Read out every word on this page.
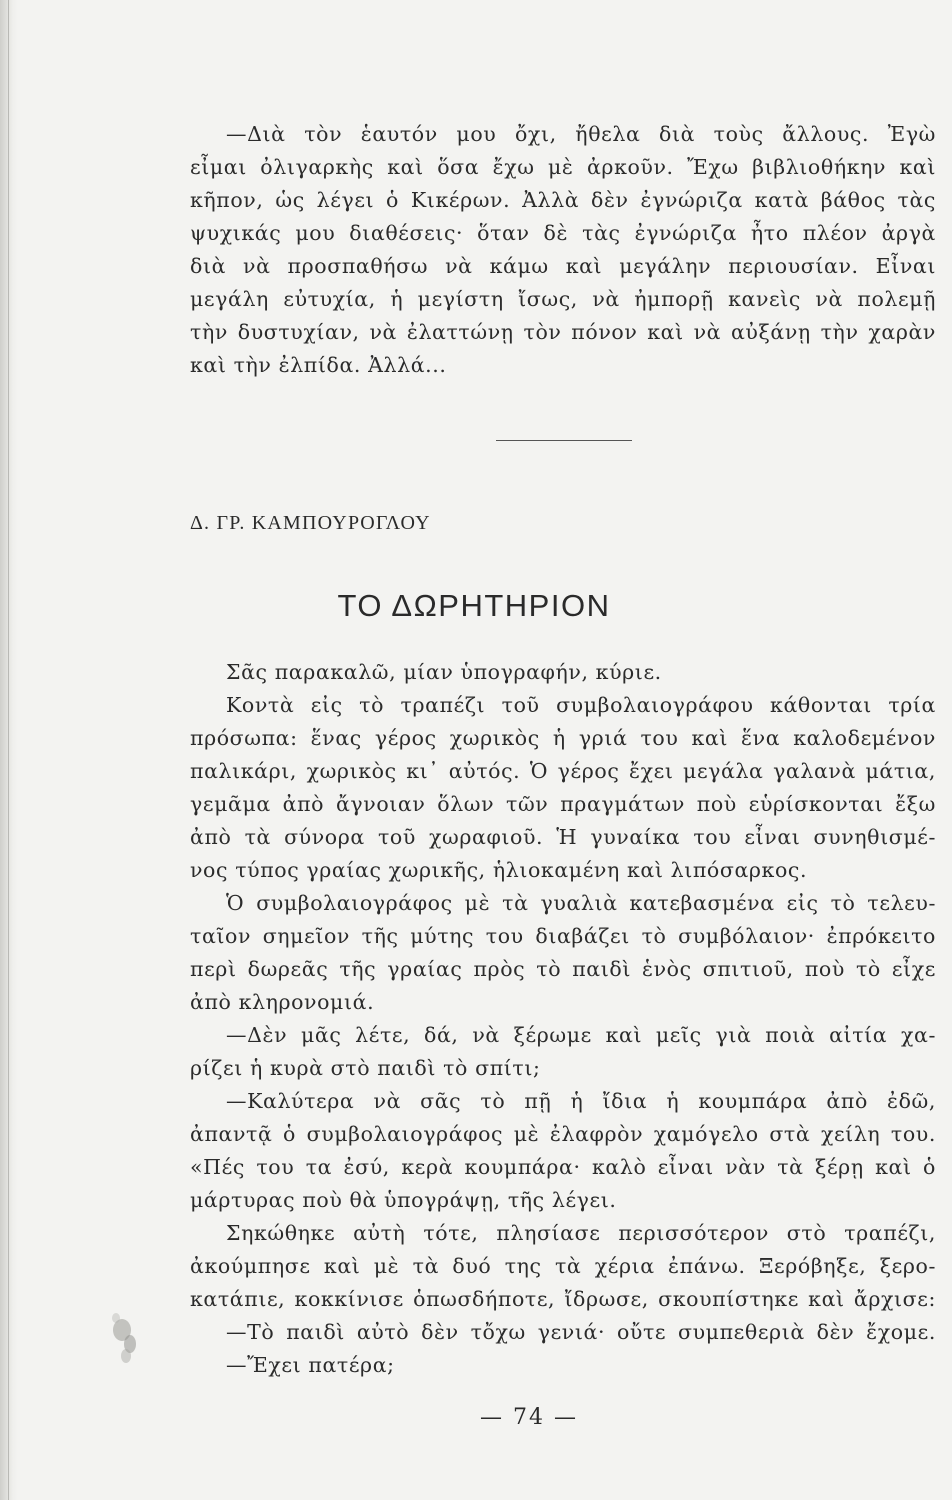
—Διὰ τὸν ἑαυτόν μου ὄχι, ἤθελα διὰ τοὺς ἄλλους. Ἐγὼ
εἶμαι ὀλιγαρκὴς καὶ ὅσα ἔχω μὲ ἀρκοῦν. Ἔχω βιβλιοθήκην καὶ
κῆπον, ὡς λέγει ὁ Κικέρων. Ἀλλὰ δὲν ἐγνώριζα κατὰ βάθος τὰς
ψυχικάς μου διαθέσεις· ὅταν δὲ τὰς ἐγνώριζα ἦτο πλέον ἀργὰ
διὰ νὰ προσπαθήσω νὰ κάμω καὶ μεγάλην περιουσίαν. Εἶναι
μεγάλη εὐτυχία, ἡ μεγίστη ἴσως, νὰ ἠμπορῇ κανεὶς νὰ πολεμῇ
τὴν δυστυχίαν, νὰ ἐλαττώνῃ τὸν πόνον καὶ νὰ αὐξάνῃ τὴν χαρὰν
καὶ τὴν ἐλπίδα. Ἀλλά...
Δ. ΓΡ. ΚΑΜΠΟΥΡΟΓΛΟΥ
ΤΟ ΔΩΡΗΤΗΡΙΟΝ
Σᾶς παρακαλῶ, μίαν ὑπογραφήν, κύριε.
Κοντὰ εἰς τὸ τραπέζι τοῦ συμβολαιογράφου κάθονται τρία
πρόσωπα: ἕνας γέρος χωρικὸς ἡ γριά του καὶ ἕνα καλοδεμένον
παλικάρι, χωρικὸς κι᾽ αὐτός. Ὁ γέρος ἔχει μεγάλα γαλανὰ μάτια,
γεμᾶμα ἀπὸ ἄγνοιαν ὅλων τῶν πραγμάτων ποὺ εὑρίσκονται ἔξω
ἀπὸ τὰ σύνορα τοῦ χωραφιοῦ. Ἡ γυναίκα του εἶναι συνηθισμέ-
νος τύπος γραίας χωρικῆς, ἡλιοκαμένη καὶ λιπόσαρκος.
Ὁ συμβολαιογράφος μὲ τὰ γυαλιὰ κατεβασμένα εἰς τὸ τελευ-
ταῖον σημεῖον τῆς μύτης του διαβάζει τὸ συμβόλαιον· ἐπρόκειτο
περὶ δωρεᾶς τῆς γραίας πρὸς τὸ παιδὶ ἑνὸς σπιτιοῦ, ποὺ τὸ εἶχε
ἀπὸ κληρονομιά.
—Δὲν μᾶς λέτε, δά, νὰ ξέρωμε καὶ μεῖς γιὰ ποιὰ αἰτία χα-
ρίζει ἡ κυρὰ στὸ παιδὶ τὸ σπίτι;
—Καλύτερα νὰ σᾶς τὸ πῇ ἡ ἴδια ἡ κουμπάρα ἀπὸ ἐδῶ,
ἀπαντᾷ ὁ συμβολαιογράφος μὲ ἐλαφρὸν χαμόγελο στὰ χείλη του.
«Πές του τα ἐσύ, κερὰ κουμπάρα· καλὸ εἶναι νὰν τὰ ξέρῃ καὶ ὁ
μάρτυρας ποὺ θὰ ὑπογράψῃ, τῆς λέγει.
Σηκώθηκε αὐτὴ τότε, πλησίασε περισσότερον στὸ τραπέζι,
ἀκούμπησε καὶ μὲ τὰ δυό της τὰ χέρια ἐπάνω. Ξερόβηξε, ξερο-
κατάπιε, κοκκίνισε ὁπωσδήποτε, ἴδρωσε, σκουπίστηκε καὶ ἄρχισε:
—Τὸ παιδὶ αὐτὸ δὲν τὄχω γενιά· οὔτε συμπεθεριὰ δὲν ἔχομε.
—Ἔχει πατέρα;
— 74 —
